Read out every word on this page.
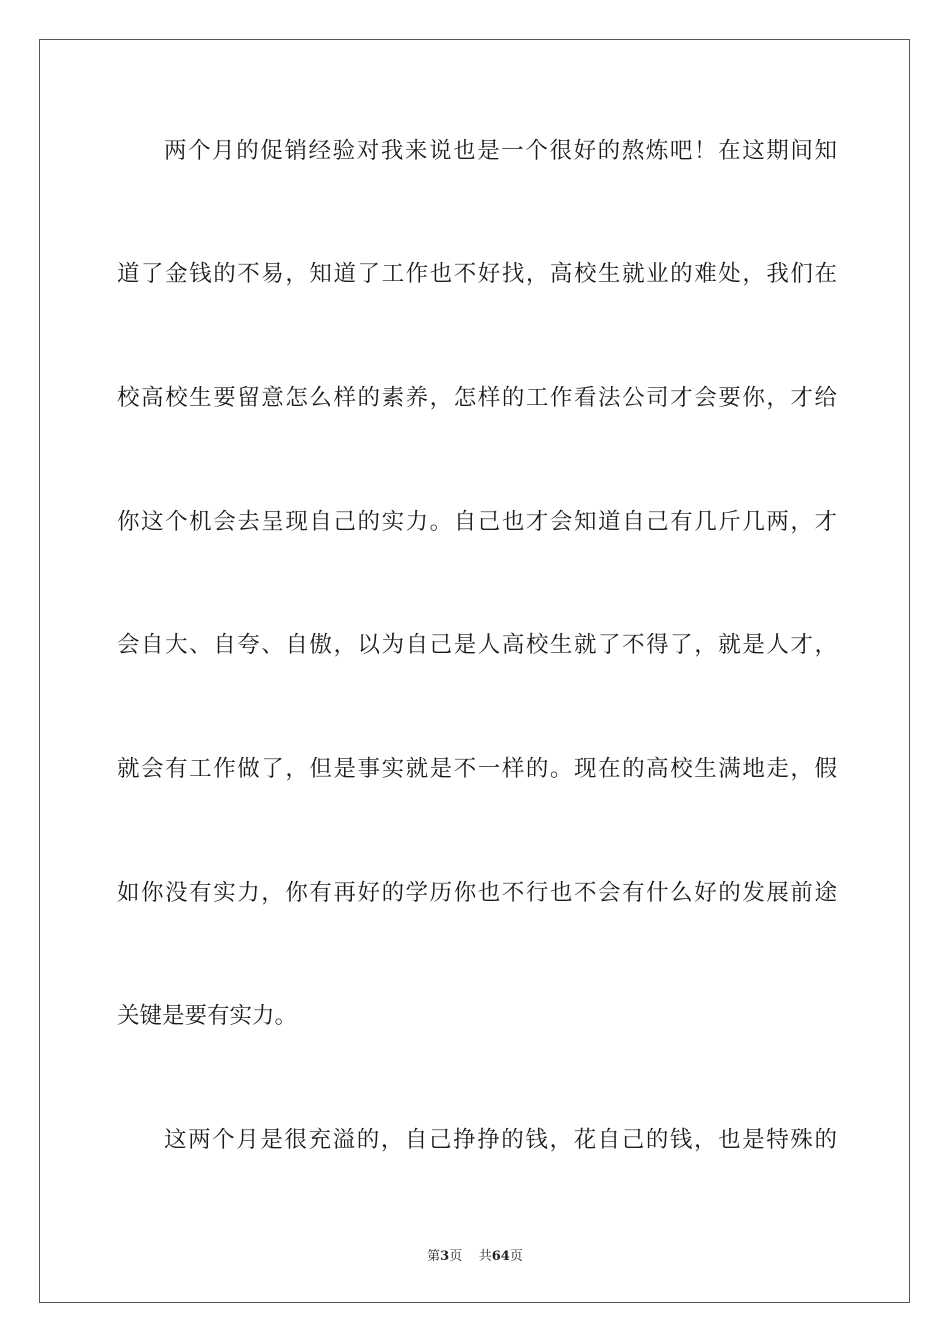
两个月的促销经验对我来说也是一个很好的熬炼吧！在这期间知
道了金钱的不易，知道了工作也不好找，高校生就业的难处，我们在
校高校生要留意怎么样的素养，怎样的工作看法公司才会要你，才给
你这个机会去呈现自己的实力。自己也才会知道自己有几斤几两，才
会自大、自夸、自傲，以为自己是人高校生就了不得了，就是人才，
就会有工作做了，但是事实就是不一样的。现在的高校生满地走，假
如你没有实力，你有再好的学历你也不行也不会有什么好的发展前途
关键是要有实力。
这两个月是很充溢的，自己挣挣的钱，花自己的钱，也是特殊的
第3页 共64页
